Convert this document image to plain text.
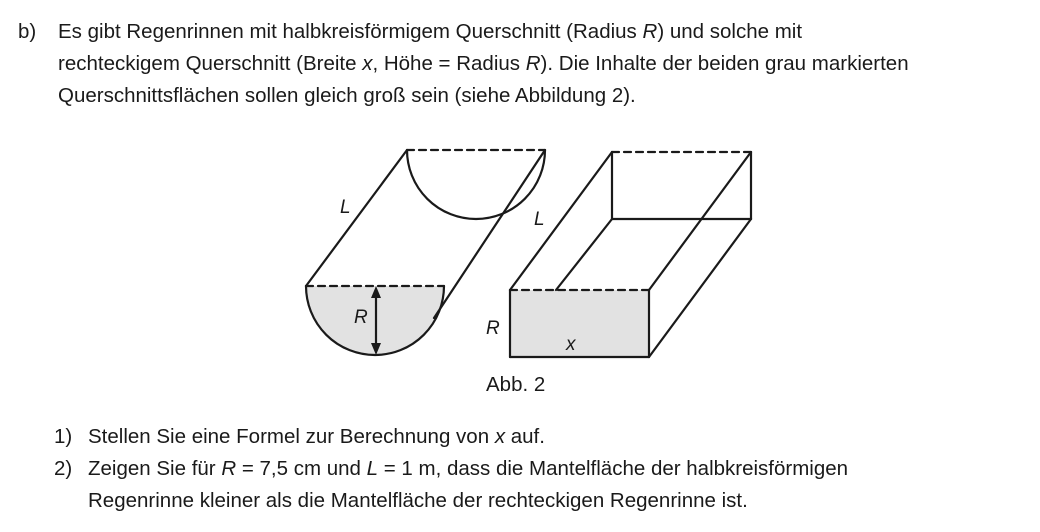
b) Es gibt Regenrinnen mit halbkreisförmigem Querschnitt (Radius R) und solche mit
rechteckigem Querschnitt (Breite x, Höhe = Radius R). Die Inhalte der beiden grau markierten
Querschnittsflächen sollen gleich groß sein (siehe Abbildung 2).
L
R
L
R
x
Abb. 2
1) Stellen Sie eine Formel zur Berechnung von x auf.
2) Zeigen Sie für R = 7,5 cm und L = 1 m, dass die Mantelfläche der halbkreisförmigen
Regenrinne kleiner als die Mantelfläche der rechteckigen Regenrinne ist.
